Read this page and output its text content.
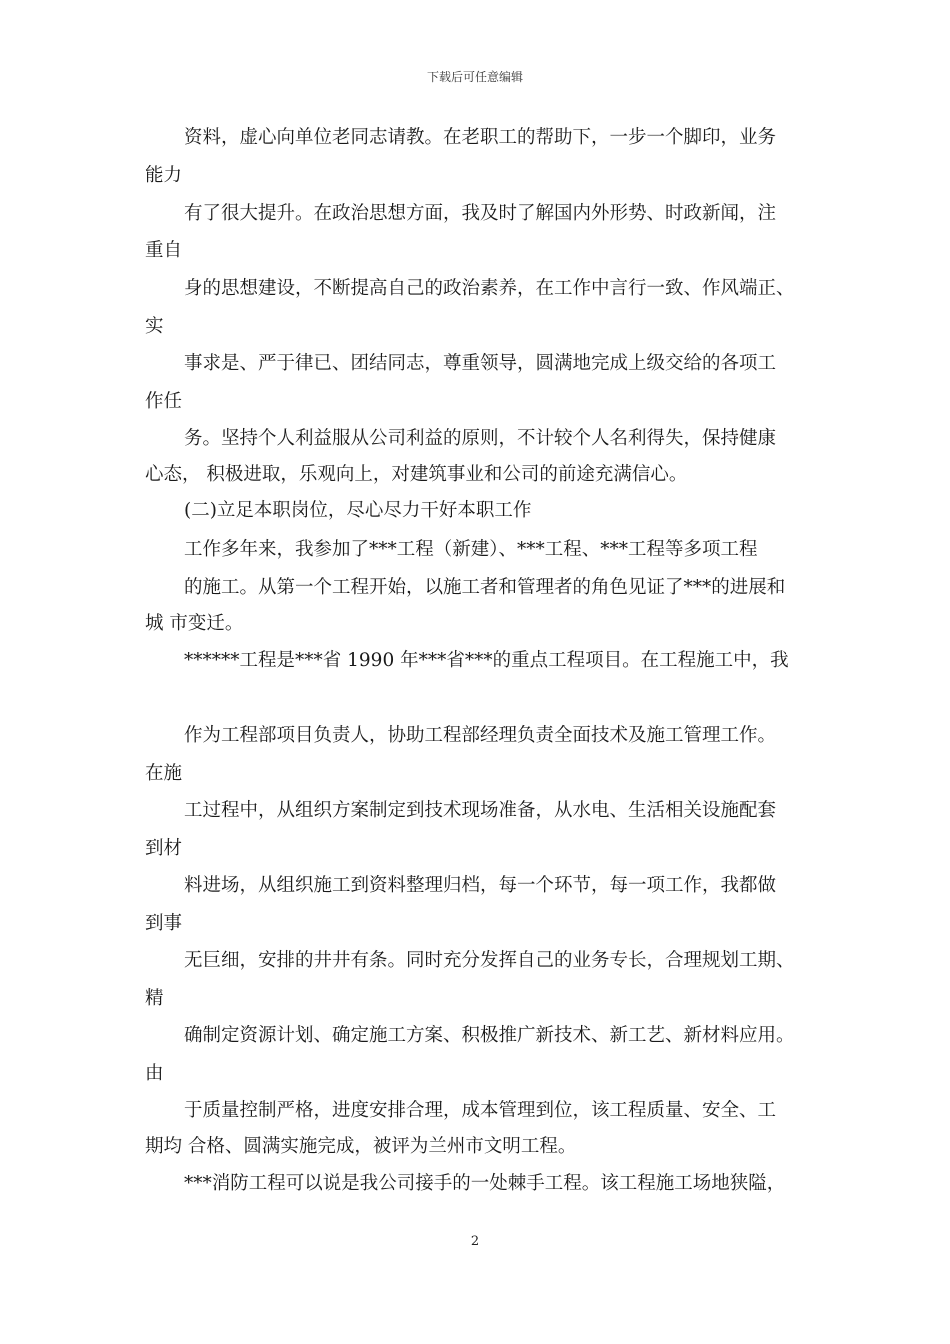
下载后可任意编辑
资料，虚心向单位老同志请教。在老职工的帮助下，一步一个脚印，业务
能力
有了很大提升。在政治思想方面，我及时了解国内外形势、时政新闻，注
重自
身的思想建设，不断提高自己的政治素养，在工作中言行一致、作风端正、
实
事求是、严于律已、团结同志，尊重领导，圆满地完成上级交给的各项工
作任
务。坚持个人利益服从公司利益的原则，不计较个人名利得失，保持健康
心态， 积极进取，乐观向上，对建筑事业和公司的前途充满信心。
(二)立足本职岗位，尽心尽力干好本职工作
工作多年来，我参加了***工程（新建）、***工程、***工程等多项工程
的施工。从第一个工程开始，以施工者和管理者的角色见证了***的进展和
城 市变迁。
******工程是***省 1990 年***省***的重点工程项目。在工程施工中，我
作为工程部项目负责人，协助工程部经理负责全面技术及施工管理工作。
在施
工过程中，从组织方案制定到技术现场准备，从水电、生活相关设施配套
到材
料进场，从组织施工到资料整理归档，每一个环节，每一项工作，我都做
到事
无巨细，安排的井井有条。同时充分发挥自己的业务专长，合理规划工期、
精
确制定资源计划、确定施工方案、积极推广新技术、新工艺、新材料应用。
由
于质量控制严格，进度安排合理，成本管理到位，该工程质量、安全、工
期均 合格、圆满实施完成，被评为兰州市文明工程。
***消防工程可以说是我公司接手的一处棘手工程。该工程施工场地狭隘，
2
